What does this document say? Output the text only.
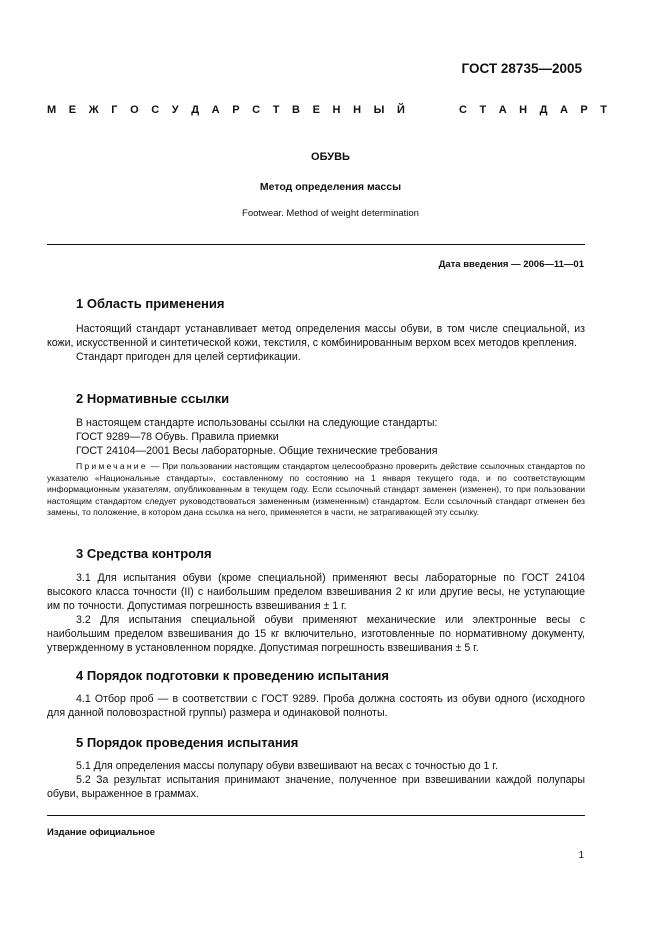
ГОСТ 28735—2005
М Е Ж Г О С У Д А Р С Т В Е Н Н Ы Й	С Т А Н Д А Р Т
ОБУВЬ
Метод определения массы
Footwear. Method of weight determination
Дата введения — 2006—11—01
1 Область применения

Настоящий стандарт устанавливает метод определения массы обуви, в том числе специальной, из кожи, искусственной и синтетической кожи, текстиля, с комбинированным верхом всех методов крепления.

Стандарт пригоден для целей сертификации.

2 Нормативные ссылки

В настоящем стандарте использованы ссылки на следующие стандарты:

ГОСТ 9289—78 Обувь. Правила приемки

ГОСТ 24104—2001 Весы лабораторные. Общие технические требования

Примечание — При пользовании настоящим стандартом целесообразно проверить действие ссылочных стандартов по указателю «Национальные стандарты», составленному по состоянию на 1 января текущего года, и по соответствующим информационным указателям, опубликованным в текущем году. Если ссылочный стандарт заменен (изменен), то при пользовании настоящим стандартом следует руководствоваться замененным (измененным) стандартом. Если ссылочный стандарт отменен без замены, то положение, в котором дана ссылка на него, применяется в части, не затрагивающей эту ссылку.

3 Средства контроля

3.1 Для испытания обуви (кроме специальной) применяют весы лабораторные по ГОСТ 24104 высокого класса точности (II) с наибольшим пределом взвешивания 2 кг или другие весы, не уступающие им по точности. Допустимая погрешность взвешивания ± 1 г.

3.2 Для испытания специальной обуви применяют механические или электронные весы с наибольшим пределом взвешивания до 15 кг включительно, изготовленные по нормативному документу, утвержденному в установленном порядке. Допустимая погрешность взвешивания ± 5 г.

4 Порядок подготовки к проведению испытания

4.1 Отбор проб — в соответствии с ГОСТ 9289. Проба должна состоять из обуви одного (исходного для данной половозрастной группы) размера и одинаковой полноты.

5 Порядок проведения испытания

5.1 Для определения массы полупару обуви взвешивают на весах с точностью до 1 г.

5.2 За результат испытания принимают значение, полученное при взвешивании каждой полупары обуви, выраженное в граммах.

Издание официальное
1
